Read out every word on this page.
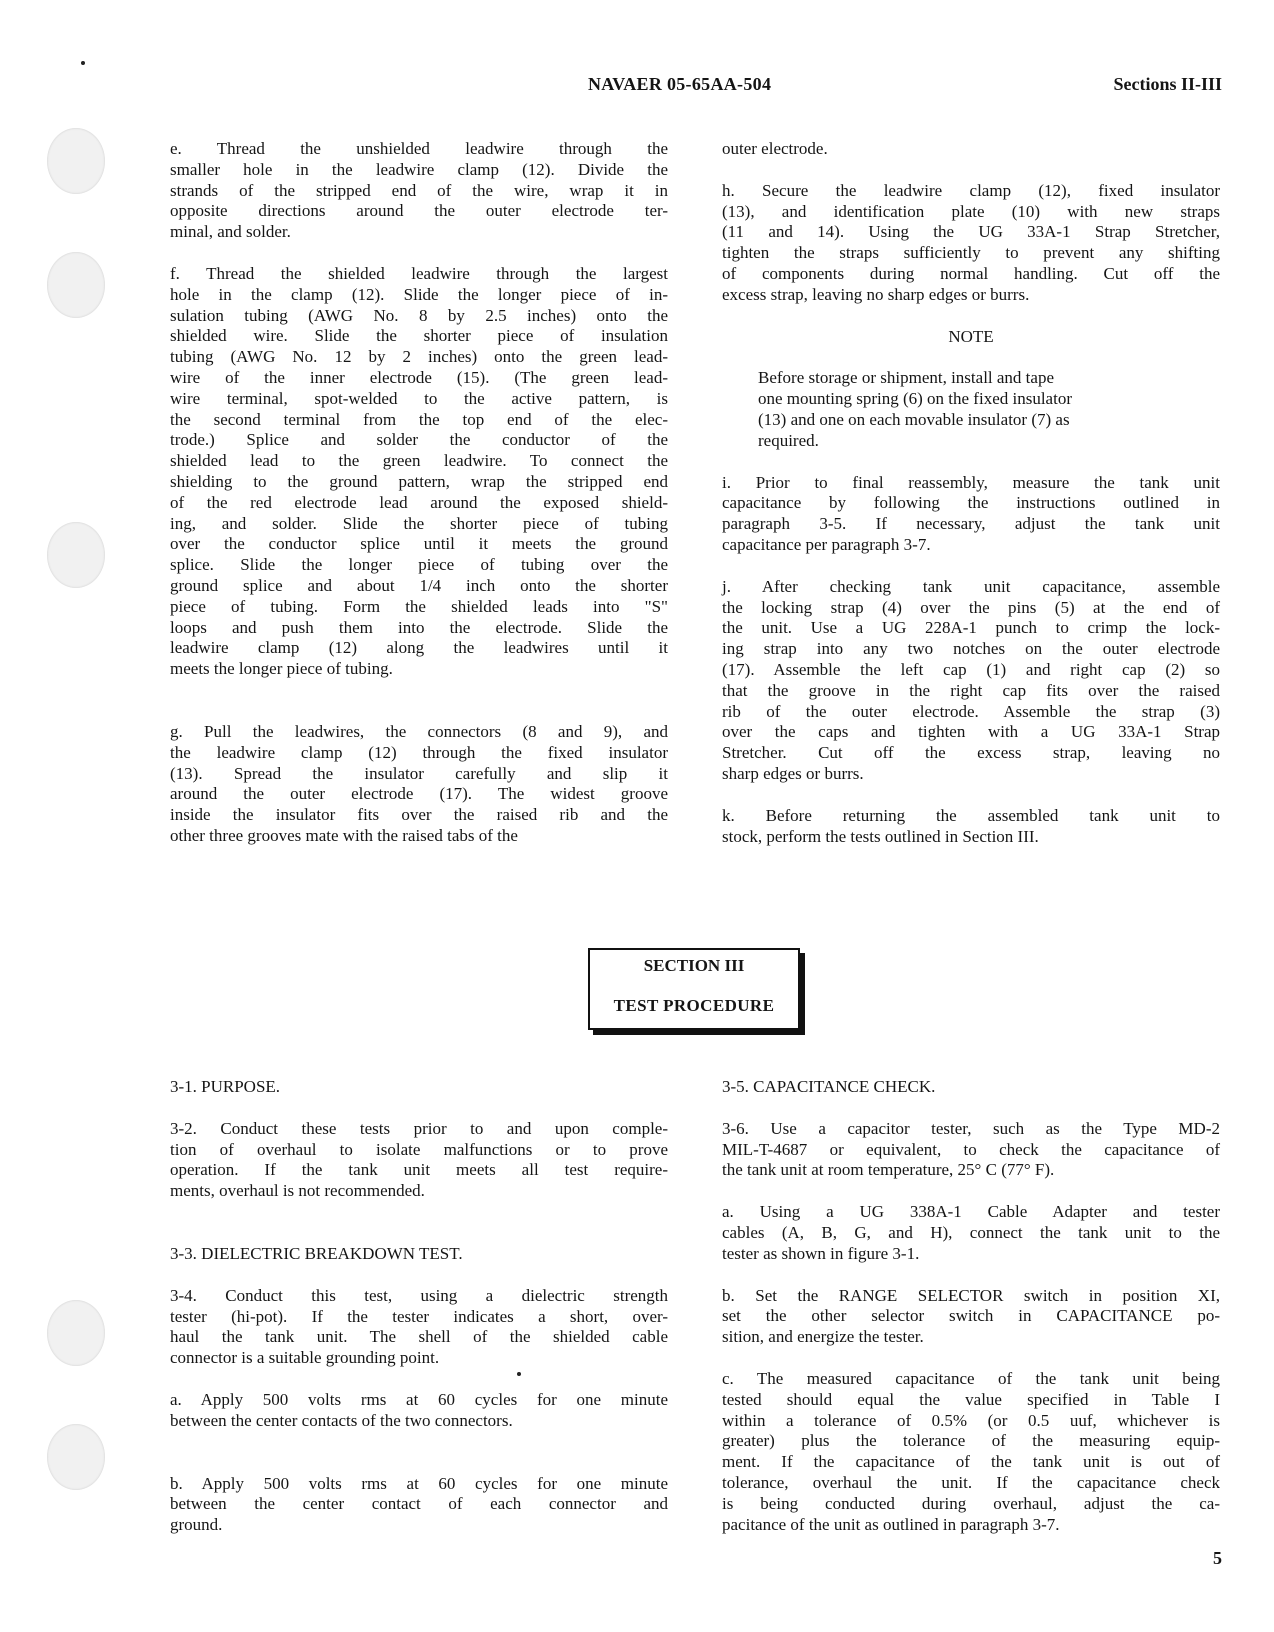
NAVAER 05-65AA-504	Sections II-III

e. Thread the unshielded leadwire through the

smaller hole in the leadwire clamp (12). Divide the

strands of the stripped end of the wire, wrap it in

opposite directions around the outer electrode ter-

minal, and solder.

f. Thread the shielded leadwire through the largest

hole in the clamp (12). Slide the longer piece of in-

sulation tubing (AWG No. 8 by 2.5 inches) onto the

shielded wire. Slide the shorter piece of insulation

tubing (AWG No. 12 by 2 inches) onto the green lead-

wire of the inner electrode (15). (The green lead-

wire terminal, spot-welded to the active pattern, is

the second terminal from the top end of the elec-

trode.) Splice and solder the conductor of the

shielded lead to the green leadwire. To connect the

shielding to the ground pattern, wrap the stripped end

of the red electrode lead around the exposed shield-

ing, and solder. Slide the shorter piece of tubing

over the conductor splice until it meets the ground

splice. Slide the longer piece of tubing over the

ground splice and about 1/4 inch onto the shorter

piece of tubing. Form the shielded leads into "S"

loops and push them into the electrode. Slide the

leadwire clamp (12) along the leadwires until it

meets the longer piece of tubing.

g. Pull the leadwires, the connectors (8 and 9), and

the leadwire clamp (12) through the fixed insulator

(13). Spread the insulator carefully and slip it

around the outer electrode (17). The widest groove

inside the insulator fits over the raised rib and the

other three grooves mate with the raised tabs of the

outer electrode.

h. Secure the leadwire clamp (12), fixed insulator

(13), and identification plate (10) with new straps

(11 and 14). Using the UG 33A-1 Strap Stretcher,

tighten the straps sufficiently to prevent any shifting

of components during normal handling. Cut off the

excess strap, leaving no sharp edges or burrs.

NOTE

Before storage or shipment, install and tape

one mounting spring (6) on the fixed insulator

(13) and one on each movable insulator (7) as

required.

i. Prior to final reassembly, measure the tank unit

capacitance by following the instructions outlined in

paragraph 3-5. If necessary, adjust the tank unit

capacitance per paragraph 3-7.

j. After checking tank unit capacitance, assemble

the locking strap (4) over the pins (5) at the end of

the unit. Use a UG 228A-1 punch to crimp the lock-

ing strap into any two notches on the outer electrode

(17). Assemble the left cap (1) and right cap (2) so

that the groove in the right cap fits over the raised

rib of the outer electrode. Assemble the strap (3)

over the caps and tighten with a UG 33A-1 Strap

Stretcher. Cut off the excess strap, leaving no

sharp edges or burrs.

k. Before returning the assembled tank unit to

stock, perform the tests outlined in Section III.

SECTION III
TEST PROCEDURE

3-1. PURPOSE.

3-2. Conduct these tests prior to and upon comple-

tion of overhaul to isolate malfunctions or to prove

operation. If the tank unit meets all test require-

ments, overhaul is not recommended.

3-3. DIELECTRIC BREAKDOWN TEST.

3-4. Conduct this test, using a dielectric strength

tester (hi-pot). If the tester indicates a short, over-

haul the tank unit. The shell of the shielded cable

connector is a suitable grounding point.

a. Apply 500 volts rms at 60 cycles for one minute

between the center contacts of the two connectors.

b. Apply 500 volts rms at 60 cycles for one minute

between the center contact of each connector and

ground.

3-5. CAPACITANCE CHECK.

3-6. Use a capacitor tester, such as the Type MD-2

MIL-T-4687 or equivalent, to check the capacitance of

the tank unit at room temperature, 25° C (77° F).

a. Using a UG 338A-1 Cable Adapter and tester

cables (A, B, G, and H), connect the tank unit to the

tester as shown in figure 3-1.

b. Set the RANGE SELECTOR switch in position XI,

set the other selector switch in CAPACITANCE po-

sition, and energize the tester.

c. The measured capacitance of the tank unit being

tested should equal the value specified in Table I

within a tolerance of 0.5% (or 0.5 uuf, whichever is

greater) plus the tolerance of the measuring equip-

ment. If the capacitance of the tank unit is out of

tolerance, overhaul the unit. If the capacitance check

is being conducted during overhaul, adjust the ca-

pacitance of the unit as outlined in paragraph 3-7.

5
